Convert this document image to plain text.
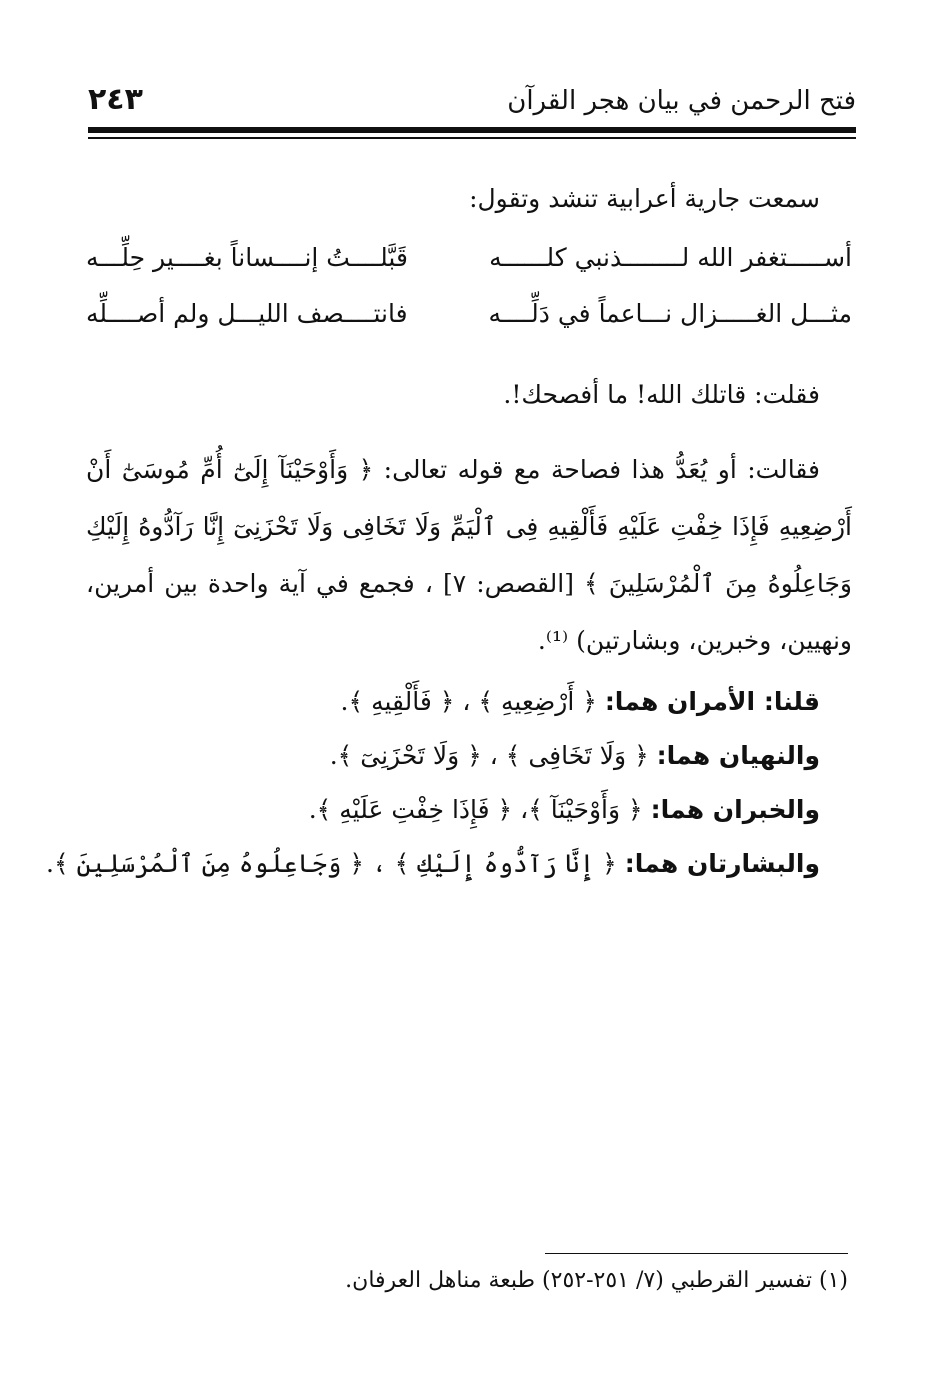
فتح الرحمن في بيان هجر القرآن
٢٤٣
سمعت جارية أعرابية تنشد وتقول:
أســـــتغفر الله لــــــــذنبي كلــــــه
قَبَّلــــتُ إنــــساناً بغــــير حِلِّـــه
مثـــل الغـــــزال نـــاعماً في دَلِّــــه
فانتــــصف الليـــل ولم أصــــلِّه

فقلت: قاتلك الله! ما أفصحك!.

فقالت: أو يُعَدُّ هذا فصاحة مع قوله تعالى: ﴿ وَأَوْحَيْنَآ إِلَىٰٓ أُمِّ مُوسَىٰٓ أَنْ أَرْضِعِيهِ فَإِذَا خِفْتِ عَلَيْهِ فَأَلْقِيهِ فِى ٱلْيَمِّ وَلَا تَخَافِى وَلَا تَحْزَنِىٓ إِنَّا رَآدُّوهُ إِلَيْكِ وَجَاعِلُوهُ مِنَ ٱلْمُرْسَلِينَ ﴾ [القصص: ٧] ، فجمع في آية واحدة بين أمرين، ونهيين، وخبرين، وبشارتين) ⁽¹⁾.

قلنا: الأمران هما: ﴿ أَرْضِعِيهِ ﴾ ، ﴿ فَأَلْقِيهِ ﴾.
والنهيان هما: ﴿ وَلَا تَخَافِى ﴾ ، ﴿ وَلَا تَحْزَنِىٓ ﴾.
والخبران هما: ﴿ وَأَوْحَيْنَآ ﴾، ﴿ فَإِذَا خِفْتِ عَلَيْهِ ﴾.
والبشارتان هما: ﴿ إِنَّا رَآدُّوهُ إِلَيْكِ ﴾ ، ﴿ وَجَاعِلُوهُ مِنَ ٱلْمُرْسَلِينَ ﴾.
(١) تفسير القرطبي (٧/ ٢٥١-٢٥٢) طبعة مناهل العرفان.
